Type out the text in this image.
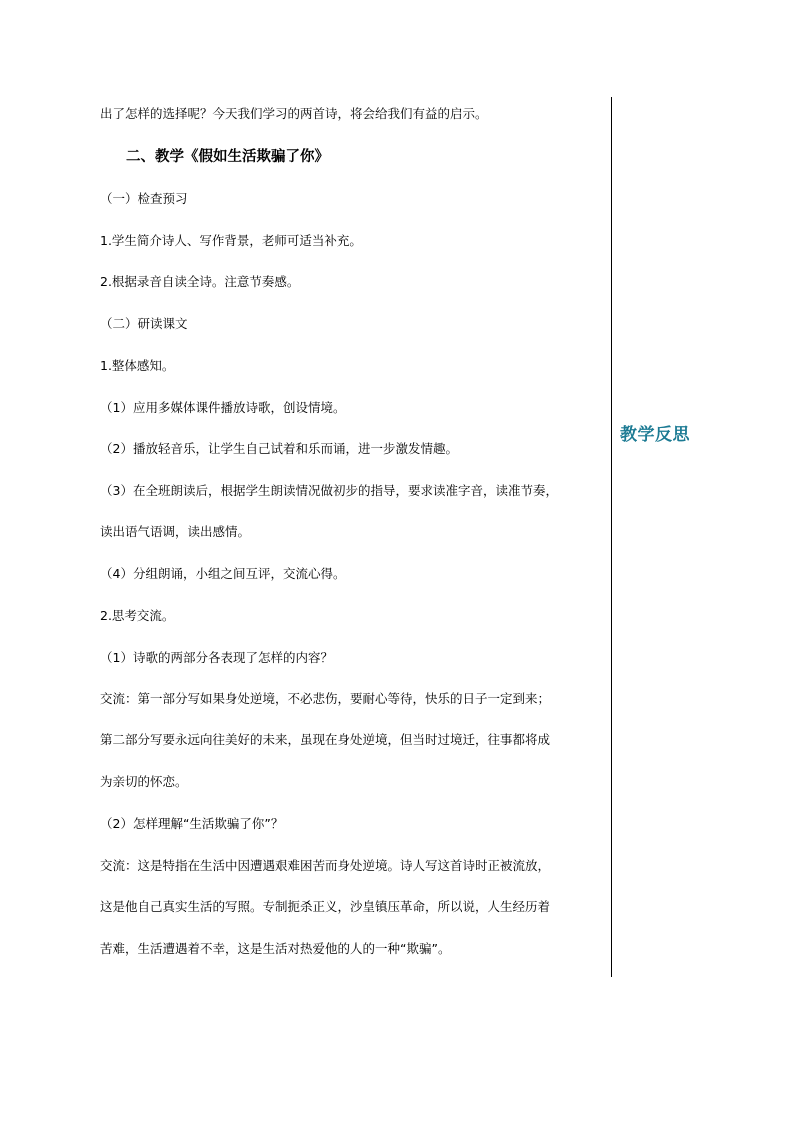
出了怎样的选择呢？今天我们学习的两首诗，将会给我们有益的启示。
二、教学《假如生活欺骗了你》
（一）检查预习
1.学生简介诗人、写作背景，老师可适当补充。
2.根据录音自读全诗。注意节奏感。
（二）研读课文
1.整体感知。
（1）应用多媒体课件播放诗歌，创设情境。
（2）播放轻音乐，让学生自己试着和乐而诵，进一步激发情趣。
（3）在全班朗读后，根据学生朗读情况做初步的指导，要求读准字音，读准节奏，
读出语气语调，读出感情。
（4）分组朗诵，小组之间互评，交流心得。
2.思考交流。
（1）诗歌的两部分各表现了怎样的内容？
交流：第一部分写如果身处逆境，不必悲伤，要耐心等待，快乐的日子一定到来；
第二部分写要永远向往美好的未来，虽现在身处逆境，但当时过境迁，往事都将成
为亲切的怀恋。
（2）怎样理解“生活欺骗了你”？
交流：这是特指在生活中因遭遇艰难困苦而身处逆境。诗人写这首诗时正被流放，
这是他自己真实生活的写照。专制扼杀正义，沙皇镇压革命，所以说，人生经历着
苦难，生活遭遇着不幸，这是生活对热爱他的人的一种“欺骗”。
教学反思
